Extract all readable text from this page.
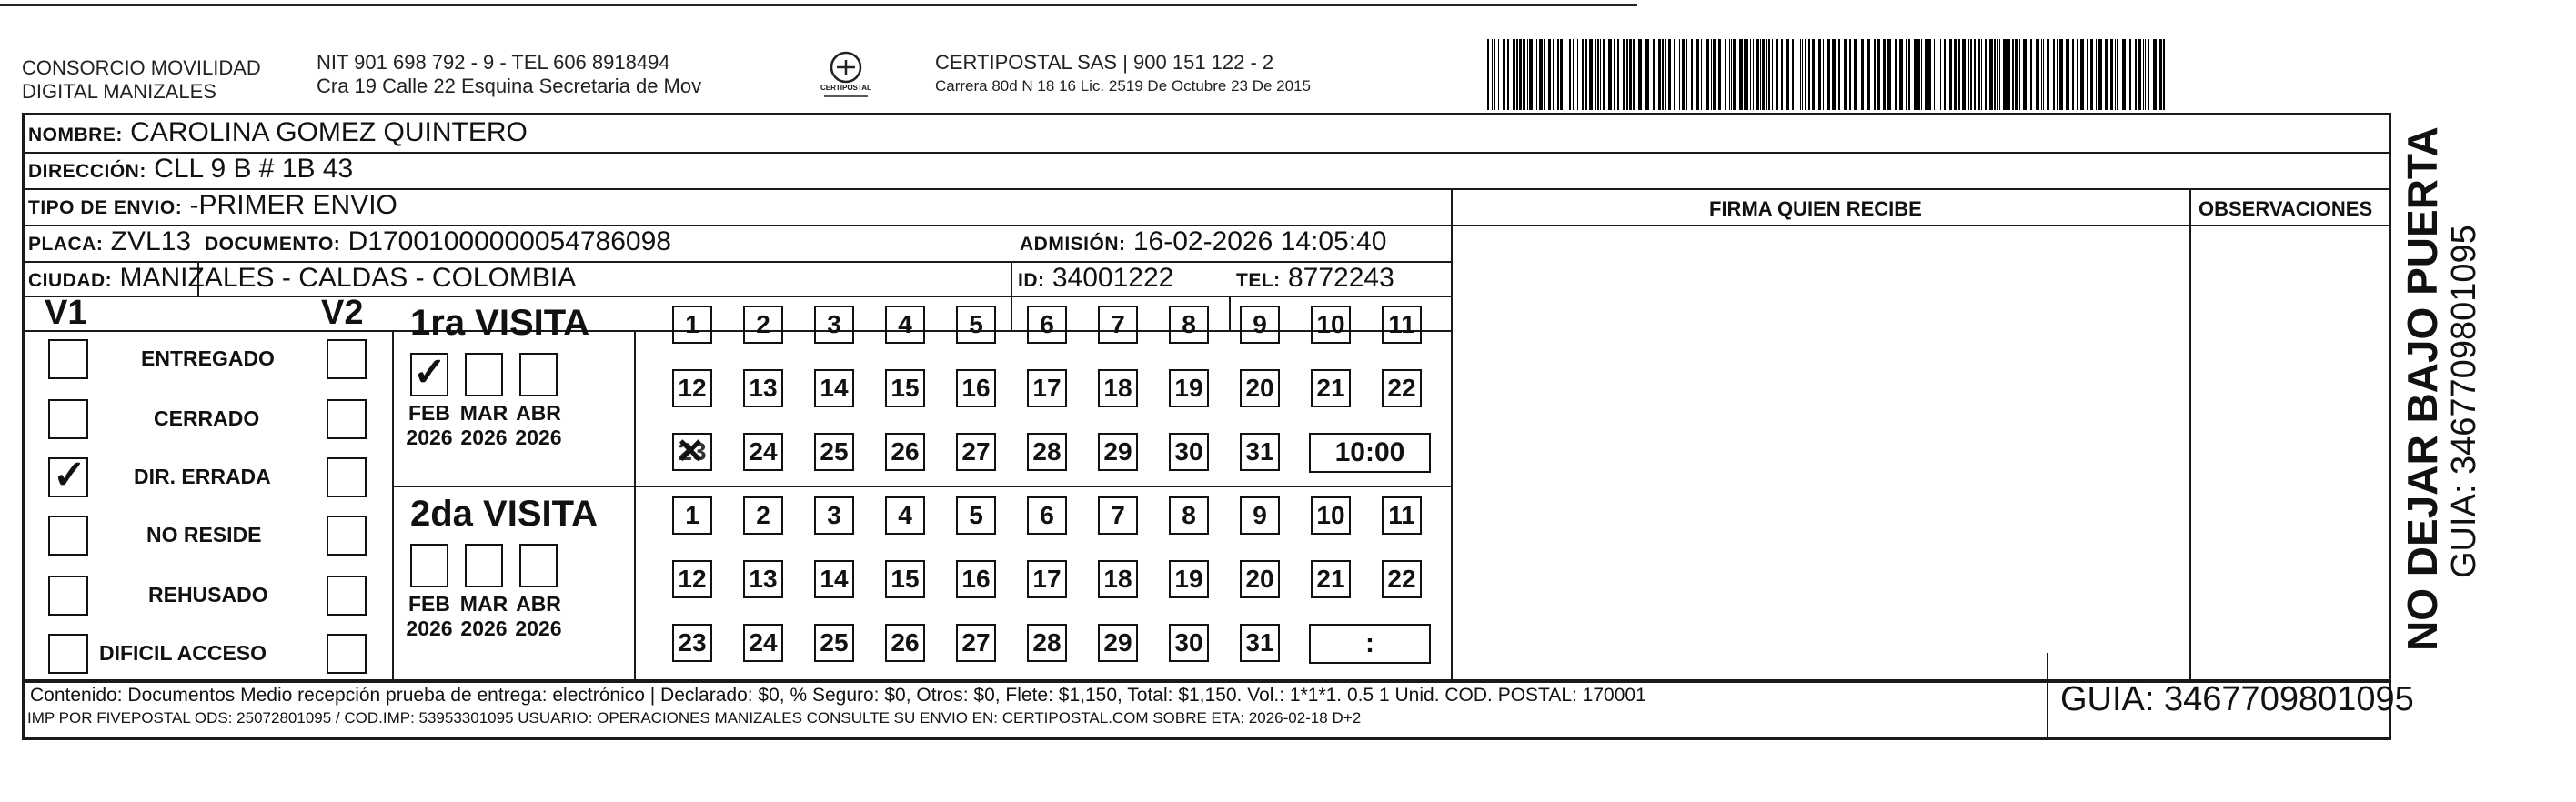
CONSORCIO MOVILIDAD
DIGITAL MANIZALES
NIT 901 698 792 - 9 - TEL 606 8918494
Cra 19 Calle 22 Esquina Secretaria de Mov	CERTIPOSTAL
CERTIPOSTAL SAS | 900 151 122 - 2
Carrera 80d N 18 16 Lic. 2519 De Octubre 23 De 2015
NOMBRE: CAROLINA GOMEZ QUINTERO
DIRECCIÓN: CLL 9 B # 1B 43
TIPO DE ENVIO: -PRIMER ENVIO	FIRMA QUIEN RECIBE	OBSERVACIONES
PLACA: ZVL13 DOCUMENTO: D17001000000054786098	ADMISIÓN: 16-02-2026 14:05:40
CIUDAD: MANIZALES - CALDAS - COLOMBIA	ID: 34001222	TEL: 8772243
V1	V2
ENTREGADO
CERRADO
✓
DIR. ERRADA
NO RESIDE
REHUSADO
DIFICIL ACCESO
1ra VISITA
✓
FEB
2026
MAR
2026
ABR
2026
1	2	3	4	5	6	7	8	9	10 11
12 13 14 15 16 17 18 19 20 21 22
23 ✕ 24 25 26 27 28 29 30 31	10:00
2da VISITA
FEB
2026
MAR
2026
ABR
2026
1	2	3	4	5	6	7	8	9	10 11
12 13 14 15 16 17 18 19 20 21 22
23 24 25 26 27 28 29 30 31	:
Contenido: Documentos Medio recepción prueba de entrega: electrónico | Declarado: $0, % Seguro: $0, Otros: $0, Flete: $1,150, Total: $1,150. Vol.: 1*1*1. 0.5 1 Unid. COD. POSTAL: 170001
IMP POR FIVEPOSTAL ODS: 25072801095 / COD.IMP: 53953301095 USUARIO: OPERACIONES MANIZALES CONSULTE SU ENVIO EN: CERTIPOSTAL.COM SOBRE ETA: 2026-02-18 D+2	GUIA: 3467709801095
NO DEJAR BAJO PUERTA GUIA: 3467709801095
